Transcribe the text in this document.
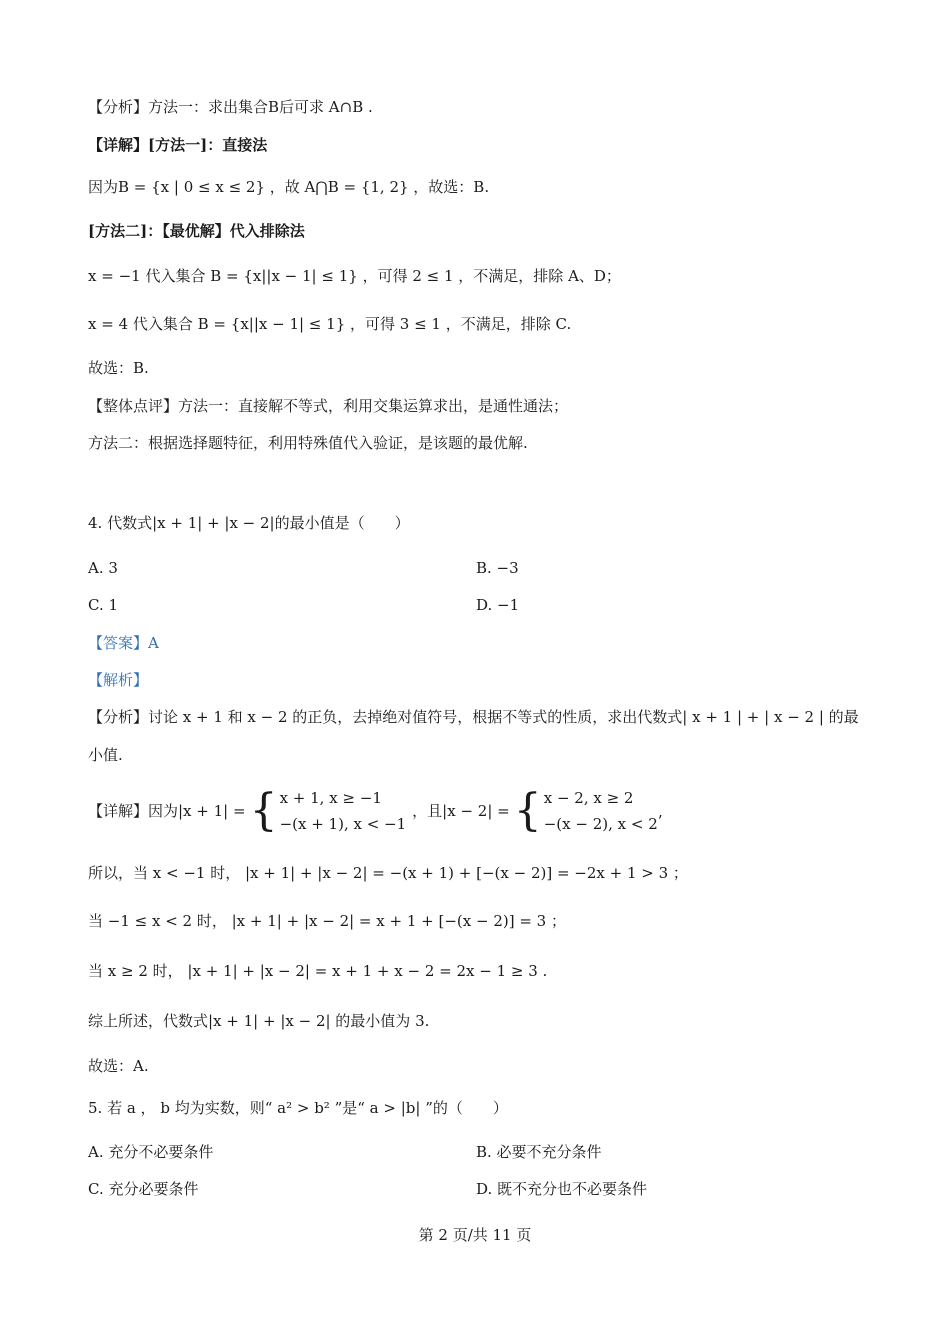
【分析】方法一：求出集合B后可求 A∩B .
【详解】[方法一]：直接法
因为B = {x | 0 ≤ x ≤ 2} ，故 A⋂B = {1, 2} ，故选：B.
[方法二]：【最优解】代入排除法
x = −1 代入集合 B = {x||x − 1| ≤ 1} ，可得 2 ≤ 1 ，不满足，排除 A、D；
x = 4 代入集合 B = {x||x − 1| ≤ 1} ，可得 3 ≤ 1 ，不满足，排除 C.
故选：B.
【整体点评】方法一：直接解不等式，利用交集运算求出，是通性通法；
方法二：根据选择题特征，利用特殊值代入验证，是该题的最优解.
4. 代数式|x + 1| + |x − 2|的最小值是（　　）
A. 3	B. −3
C. 1	D. −1
【答案】A
【解析】
【分析】讨论 x + 1 和 x − 2 的正负，去掉绝对值符号，根据不等式的性质，求出代数式| x + 1 | + | x − 2 | 的最
小值.
【详解】因为|x + 1| = { x + 1, x ≥ −1
−(x + 1), x < −1
，且|x − 2| = { x − 2, x ≥ 2
−(x − 2), x < 2 ’
所以，当 x < −1 时， |x + 1| + |x − 2| = −(x + 1) + [−(x − 2)] = −2x + 1 > 3 ；
当 −1 ≤ x < 2 时， |x + 1| + |x − 2| = x + 1 + [−(x − 2)] = 3 ；
当 x ≥ 2 时， |x + 1| + |x − 2| = x + 1 + x − 2 = 2x − 1 ≥ 3 .
综上所述，代数式|x + 1| + |x − 2| 的最小值为 3.
故选：A.
5. 若 a ， b 均为实数，则“ a² > b² ”是“ a > |b| ”的（　　）
A. 充分不必要条件	B. 必要不充分条件
C. 充分必要条件	D. 既不充分也不必要条件
第 2 页/共 11 页
